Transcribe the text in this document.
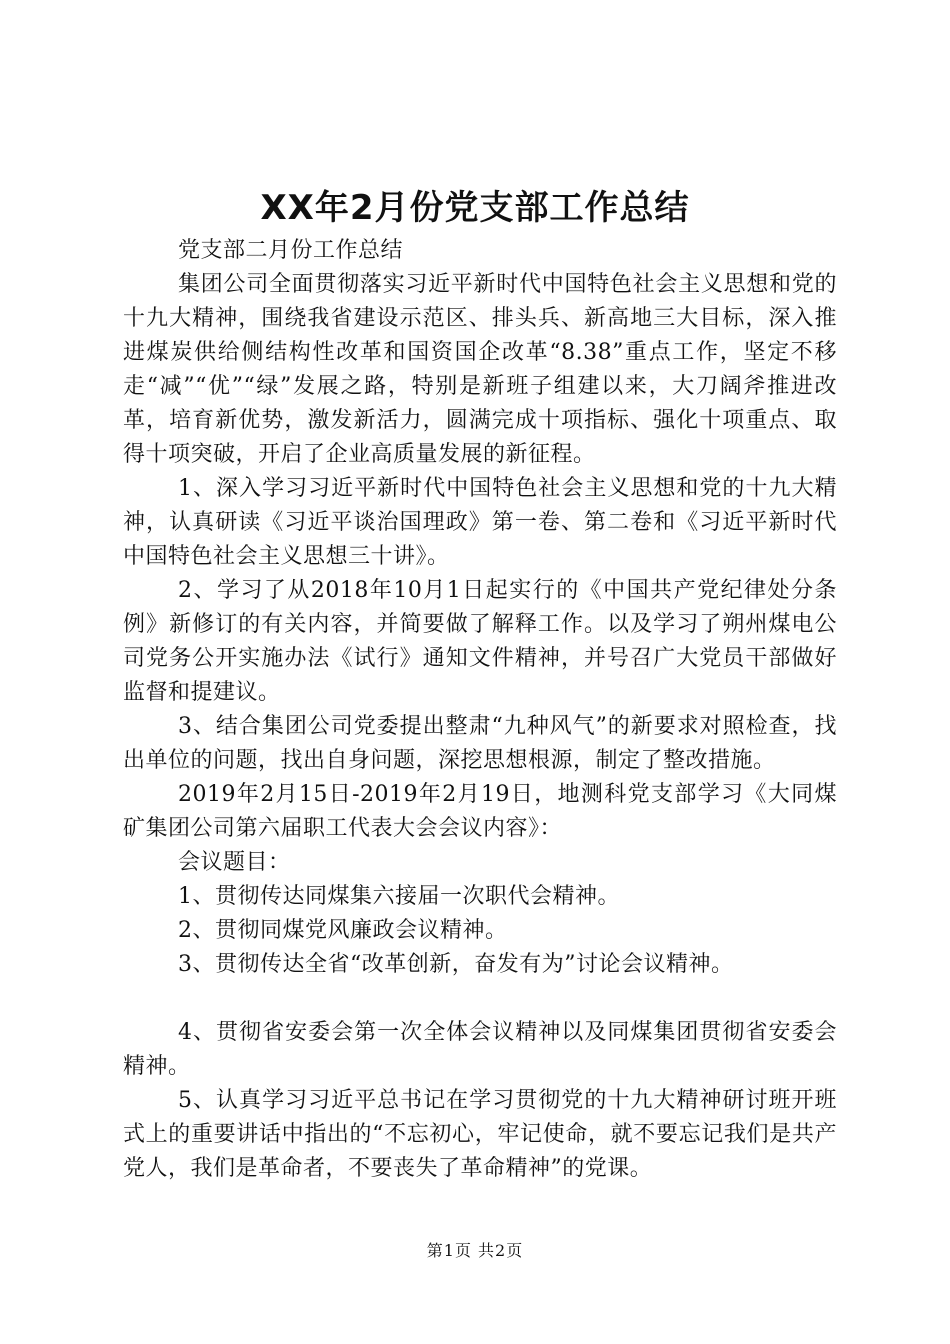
XX年2月份党支部工作总结

党支部二月份工作总结

集团公司全面贯彻落实习近平新时代中国特色社会主义思想和党的十九大精神，围绕我省建设示范区、排头兵、新高地三大目标，深入推进煤炭供给侧结构性改革和国资国企改革“8.38”重点工作，坚定不移走“减”“优”“绿”发展之路，特别是新班子组建以来，大刀阔斧推进改革，培育新优势，激发新活力，圆满完成十项指标、强化十项重点、取得十项突破，开启了企业高质量发展的新征程。

1、深入学习习近平新时代中国特色社会主义思想和党的十九大精神，认真研读《习近平谈治国理政》第一卷、第二卷和《习近平新时代中国特色社会主义思想三十讲》。

2、学习了从2018年10月1日起实行的《中国共产党纪律处分条例》新修订的有关内容，并简要做了解释工作。以及学习了朔州煤电公司党务公开实施办法《试行》通知文件精神，并号召广大党员干部做好监督和提建议。

3、结合集团公司党委提出整肃“九种风气”的新要求对照检查，找出单位的问题，找出自身问题，深挖思想根源，制定了整改措施。

2019年2月15日-2019年2月19日，地测科党支部学习《大同煤矿集团公司第六届职工代表大会会议内容》：

会议题目：

1、贯彻传达同煤集六接届一次职代会精神。

2、贯彻同煤党风廉政会议精神。

3、贯彻传达全省“改革创新，奋发有为”讨论会议精神。

4、贯彻省安委会第一次全体会议精神以及同煤集团贯彻省安委会精神。

5、认真学习习近平总书记在学习贯彻党的十九大精神研讨班开班式上的重要讲话中指出的“不忘初心，牢记使命，就不要忘记我们是共产党人，我们是革命者，不要丧失了革命精神”的党课。

第1页 共2页
